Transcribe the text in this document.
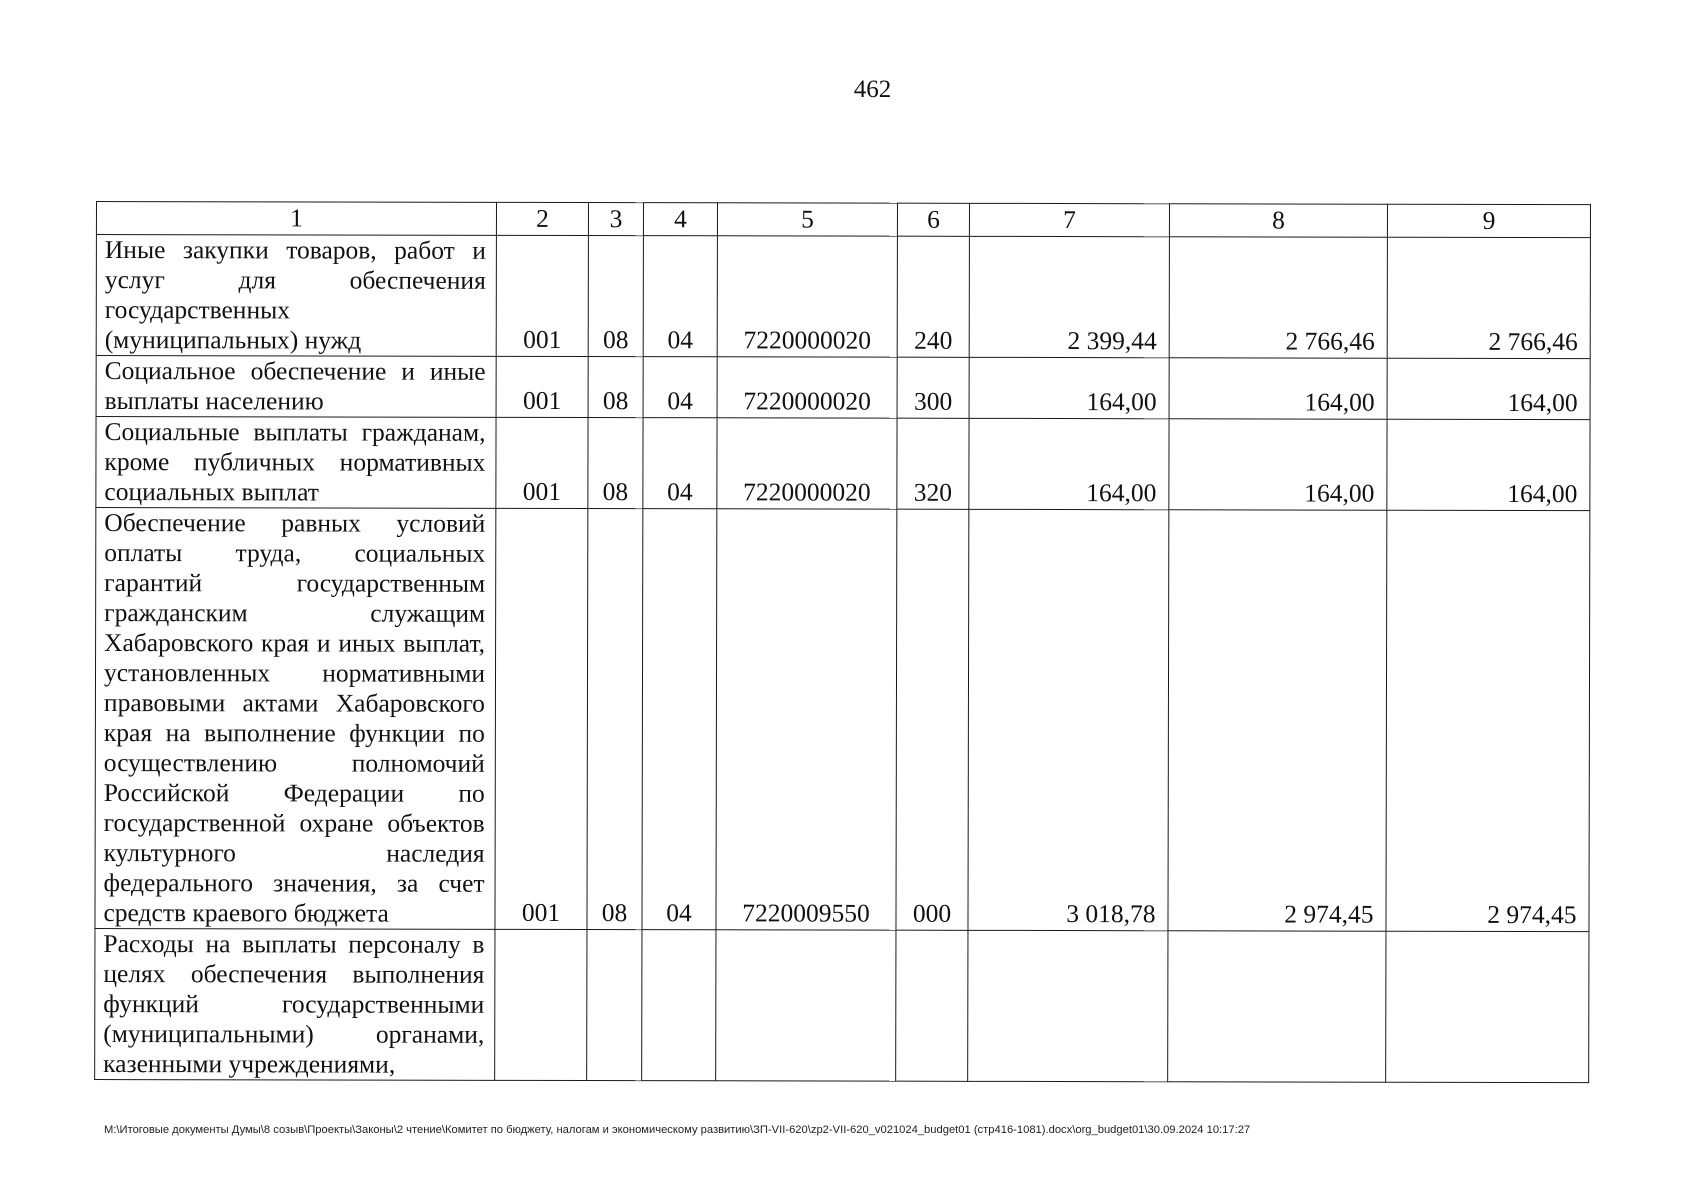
462
1	2	3	4	5	6	7	8	9
Иные закупки товаров, работ и услуг для обеспечения государственных (муниципальных) нужд	001	08	04	7220000020	240	2 399,44	2 766,46	2 766,46
Социальное обеспечение и иные выплаты населению	001	08	04	7220000020	300	164,00	164,00	164,00
Социальные выплаты гражданам, кроме публичных нормативных социальных выплат	001	08	04	7220000020	320	164,00	164,00	164,00
Обеспечение равных условий оплаты труда, социальных гарантий государственным гражданским служащим Хабаровского края и иных выплат, установленных нормативными правовыми актами Хабаровского края на выполнение функции по осуществлению полномочий Российской Федерации по государственной охране объектов культурного наследия федерального значения, за счет средств краевого бюджета	001	08	04	7220009550	000	3 018,78	2 974,45	2 974,45
Расходы на выплаты персоналу в целях обеспечения выполнения функций государственными (муниципальными) органами, казенными учреждениями,								
M:\Итоговые документы Думы\8 созыв\Проекты\Законы\2 чтение\Комитет по бюджету, налогам и экономическому развитию\ЗП-VII-620\zp2-VII-620_v021024_budget01 (стр416-1081).docx\org_budget01\30.09.2024 10:17:27
